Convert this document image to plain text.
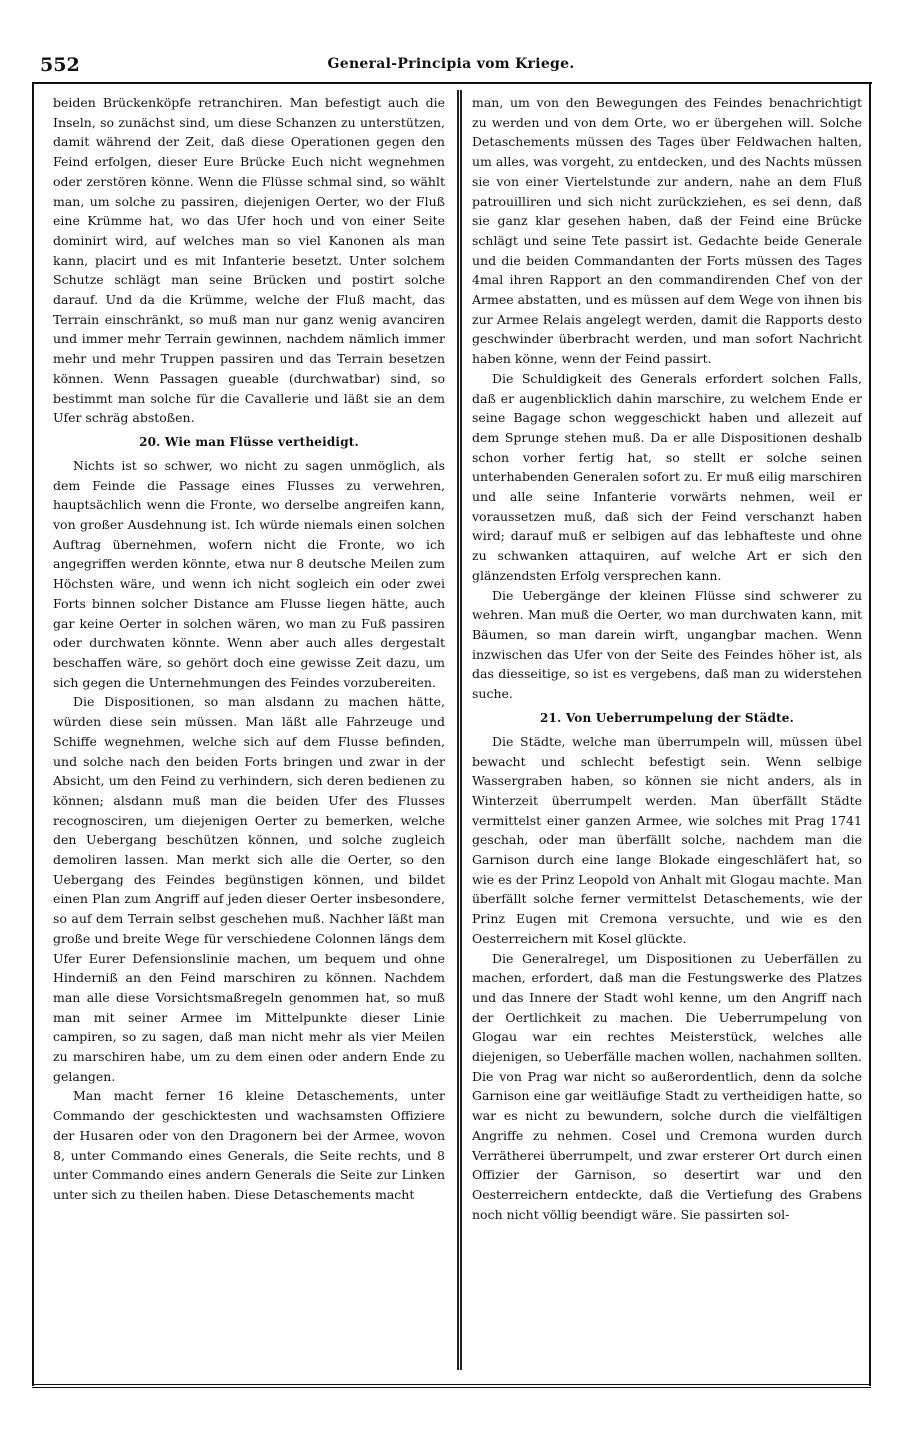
552	General-Principia vom Kriege.

beiden Brückenköpfe retranchiren. Man befestigt auch die Inseln, so zunächst sind, um diese Schanzen zu unterstützen, damit während der Zeit, daß diese Operationen gegen den Feind erfolgen, dieser Eure Brücke Euch nicht wegnehmen oder zerstören könne. Wenn die Flüsse schmal sind, so wählt man, um solche zu passiren, diejenigen Oerter, wo der Fluß eine Krümme hat, wo das Ufer hoch und von einer Seite dominirt wird, auf welches man so viel Kanonen als man kann, placirt und es mit Infanterie besetzt. Unter solchem Schutze schlägt man seine Brücken und postirt solche darauf. Und da die Krümme, welche der Fluß macht, das Terrain einschränkt, so muß man nur ganz wenig avanciren und immer mehr Terrain gewinnen, nachdem nämlich immer mehr und mehr Truppen passiren und das Terrain besetzen können. Wenn Passagen gueable (durchwatbar) sind, so bestimmt man solche für die Cavallerie und läßt sie an dem Ufer schräg abstoßen.

20. Wie man Flüsse vertheidigt.

Nichts ist so schwer, wo nicht zu sagen unmöglich, als dem Feinde die Passage eines Flusses zu verwehren, hauptsächlich wenn die Fronte, wo derselbe angreifen kann, von großer Ausdehnung ist. Ich würde niemals einen solchen Auftrag übernehmen, wofern nicht die Fronte, wo ich angegriffen werden könnte, etwa nur 8 deutsche Meilen zum Höchsten wäre, und wenn ich nicht sogleich ein oder zwei Forts binnen solcher Distance am Flusse liegen hätte, auch gar keine Oerter in solchen wären, wo man zu Fuß passiren oder durchwaten könnte. Wenn aber auch alles dergestalt beschaffen wäre, so gehört doch eine gewisse Zeit dazu, um sich gegen die Unternehmungen des Feindes vorzubereiten.

Die Dispositionen, so man alsdann zu machen hätte, würden diese sein müssen. Man läßt alle Fahrzeuge und Schiffe wegnehmen, welche sich auf dem Flusse befinden, und solche nach den beiden Forts bringen und zwar in der Absicht, um den Feind zu verhindern, sich deren bedienen zu können; alsdann muß man die beiden Ufer des Flusses recognosciren, um diejenigen Oerter zu bemerken, welche den Uebergang beschützen können, und solche zugleich demoliren lassen. Man merkt sich alle die Oerter, so den Uebergang des Feindes begünstigen können, und bildet einen Plan zum Angriff auf jeden dieser Oerter insbesondere, so auf dem Terrain selbst geschehen muß. Nachher läßt man große und breite Wege für verschiedene Colonnen längs dem Ufer Eurer Defensionslinie machen, um bequem und ohne Hinderniß an den Feind marschiren zu können. Nachdem man alle diese Vorsichtsmaßregeln genommen hat, so muß man mit seiner Armee im Mittelpunkte dieser Linie campiren, so zu sagen, daß man nicht mehr als vier Meilen zu marschiren habe, um zu dem einen oder andern Ende zu gelangen.

Man macht ferner 16 kleine Detaschements, unter Commando der geschicktesten und wachsamsten Offiziere der Husaren oder von den Dragonern bei der Armee, wovon 8, unter Commando eines Generals, die Seite rechts, und 8 unter Commando eines andern Generals die Seite zur Linken unter sich zu theilen haben. Diese Detaschements macht

man, um von den Bewegungen des Feindes benachrichtigt zu werden und von dem Orte, wo er übergehen will. Solche Detaschements müssen des Tages über Feldwachen halten, um alles, was vorgeht, zu entdecken, und des Nachts müssen sie von einer Viertelstunde zur andern, nahe an dem Fluß patrouilliren und sich nicht zurückziehen, es sei denn, daß sie ganz klar gesehen haben, daß der Feind eine Brücke schlägt und seine Tete passirt ist. Gedachte beide Generale und die beiden Commandanten der Forts müssen des Tages 4mal ihren Rapport an den commandirenden Chef von der Armee abstatten, und es müssen auf dem Wege von ihnen bis zur Armee Relais angelegt werden, damit die Rapports desto geschwinder überbracht werden, und man sofort Nachricht haben könne, wenn der Feind passirt.

Die Schuldigkeit des Generals erfordert solchen Falls, daß er augenblicklich dahin marschire, zu welchem Ende er seine Bagage schon weggeschickt haben und allezeit auf dem Sprunge stehen muß. Da er alle Dispositionen deshalb schon vorher fertig hat, so stellt er solche seinen unterhabenden Generalen sofort zu. Er muß eilig marschiren und alle seine Infanterie vorwärts nehmen, weil er voraussetzen muß, daß sich der Feind verschanzt haben wird; darauf muß er selbigen auf das lebhafteste und ohne zu schwanken attaquiren, auf welche Art er sich den glänzendsten Erfolg versprechen kann.

Die Uebergänge der kleinen Flüsse sind schwerer zu wehren. Man muß die Oerter, wo man durchwaten kann, mit Bäumen, so man darein wirft, ungangbar machen. Wenn inzwischen das Ufer von der Seite des Feindes höher ist, als das diesseitige, so ist es vergebens, daß man zu widerstehen suche.

21. Von Ueberrumpelung der Städte.

Die Städte, welche man überrumpeln will, müssen übel bewacht und schlecht befestigt sein. Wenn selbige Wassergraben haben, so können sie nicht anders, als in Winterzeit überrumpelt werden. Man überfällt Städte vermittelst einer ganzen Armee, wie solches mit Prag 1741 geschah, oder man überfällt solche, nachdem man die Garnison durch eine lange Blokade eingeschläfert hat, so wie es der Prinz Leopold von Anhalt mit Glogau machte. Man überfällt solche ferner vermittelst Detaschements, wie der Prinz Eugen mit Cremona versuchte, und wie es den Oesterreichern mit Kosel glückte.

Die Generalregel, um Dispositionen zu Ueberfällen zu machen, erfordert, daß man die Festungswerke des Platzes und das Innere der Stadt wohl kenne, um den Angriff nach der Oertlichkeit zu machen. Die Ueberrumpelung von Glogau war ein rechtes Meisterstück, welches alle diejenigen, so Ueberfälle machen wollen, nachahmen sollten. Die von Prag war nicht so außerordentlich, denn da solche Garnison eine gar weitläufige Stadt zu vertheidigen hatte, so war es nicht zu bewundern, solche durch die vielfältigen Angriffe zu nehmen. Cosel und Cremona wurden durch Verrätherei überrumpelt, und zwar ersterer Ort durch einen Offizier der Garnison, so desertirt war und den Oesterreichern entdeckte, daß die Vertiefung des Grabens noch nicht völlig beendigt wäre. Sie passirten sol-
